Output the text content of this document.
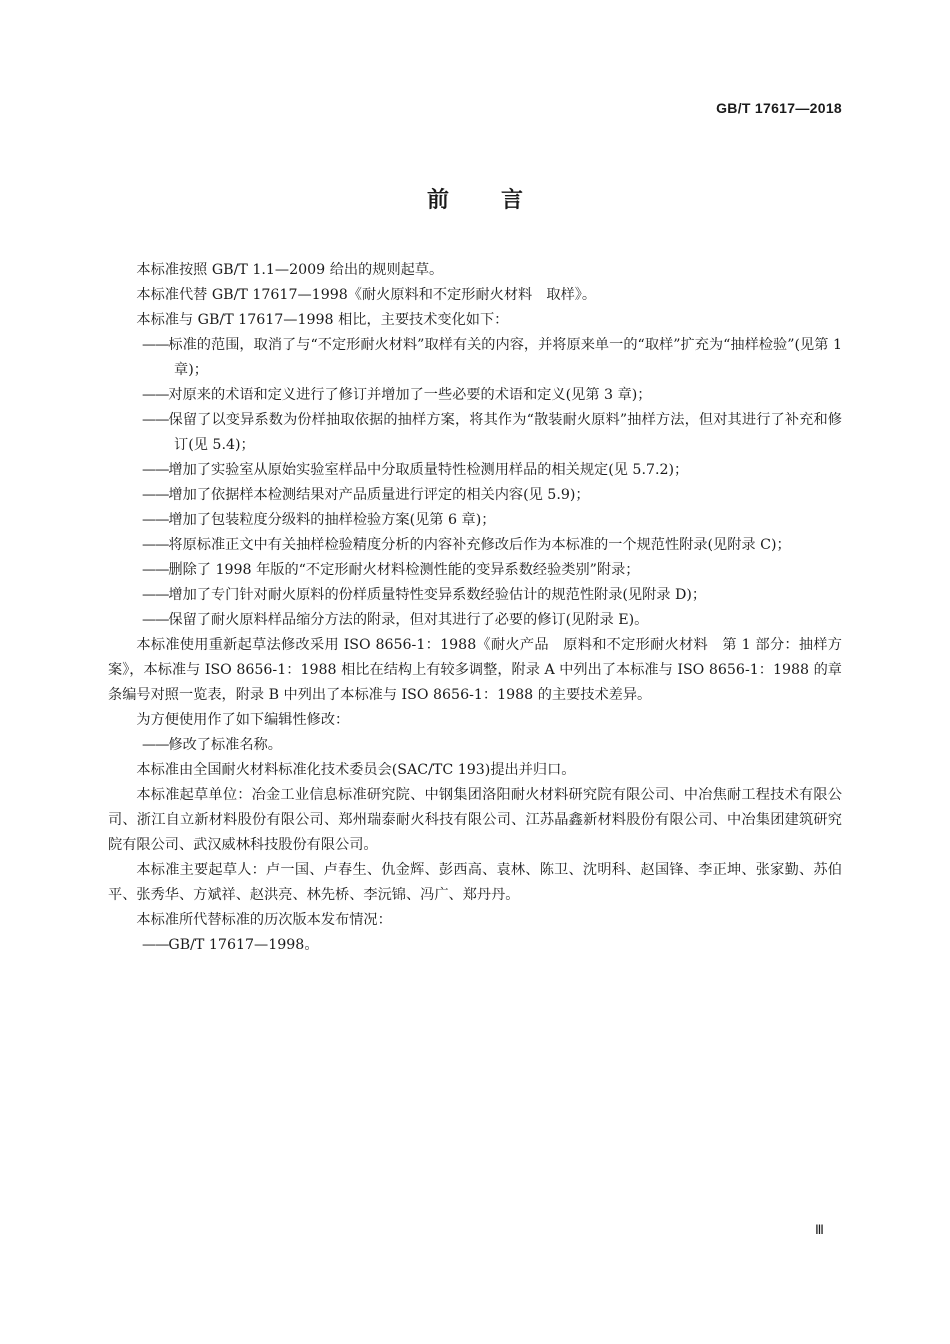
GB/T 17617—2018
前言

本标准按照 GB/T 1.1—2009 给出的规则起草。

本标准代替 GB/T 17617—1998《耐火原料和不定形耐火材料　取样》。

本标准与 GB/T 17617—1998 相比，主要技术变化如下：

—— 标准的范围，取消了与“不定形耐火材料”取样有关的内容，并将原来单一的“取样”扩充为“抽样检验”(见第 1 章)；

—— 对原来的术语和定义进行了修订并增加了一些必要的术语和定义(见第 3 章)；

—— 保留了以变异系数为份样抽取依据的抽样方案，将其作为“散装耐火原料”抽样方法，但对其进行了补充和修订(见 5.4)；

—— 增加了实验室从原始实验室样品中分取质量特性检测用样品的相关规定(见 5.7.2)；

—— 增加了依据样本检测结果对产品质量进行评定的相关内容(见 5.9)；

—— 增加了包装粒度分级料的抽样检验方案(见第 6 章)；

—— 将原标准正文中有关抽样检验精度分析的内容补充修改后作为本标准的一个规范性附录(见附录 C)；

—— 删除了 1998 年版的“不定形耐火材料检测性能的变异系数经验类别”附录；

—— 增加了专门针对耐火原料的份样质量特性变异系数经验估计的规范性附录(见附录 D)；

—— 保留了耐火原料样品缩分方法的附录，但对其进行了必要的修订(见附录 E)。

本标准使用重新起草法修改采用 ISO 8656-1：1988《耐火产品　原料和不定形耐火材料　第 1 部分：抽样方案》，本标准与 ISO 8656-1：1988 相比在结构上有较多调整，附录 A 中列出了本标准与 ISO 8656-1：1988 的章条编号对照一览表，附录 B 中列出了本标准与 ISO 8656-1：1988 的主要技术差异。

为方便使用作了如下编辑性修改：

—— 修改了标准名称。

本标准由全国耐火材料标准化技术委员会(SAC/TC 193)提出并归口。

本标准起草单位：冶金工业信息标准研究院、中钢集团洛阳耐火材料研究院有限公司、中冶焦耐工程技术有限公司、浙江自立新材料股份有限公司、郑州瑞泰耐火科技有限公司、江苏晶鑫新材料股份有限公司、中冶集团建筑研究院有限公司、武汉威林科技股份有限公司。

本标准主要起草人：卢一国、卢春生、仇金辉、彭西高、袁林、陈卫、沈明科、赵国锋、李正坤、张家勤、苏伯平、张秀华、方斌祥、赵洪亮、林先桥、李沅锦、冯广、郑丹丹。

本标准所代替标准的历次版本发布情况：

—— GB/T 17617—1998。

Ⅲ
